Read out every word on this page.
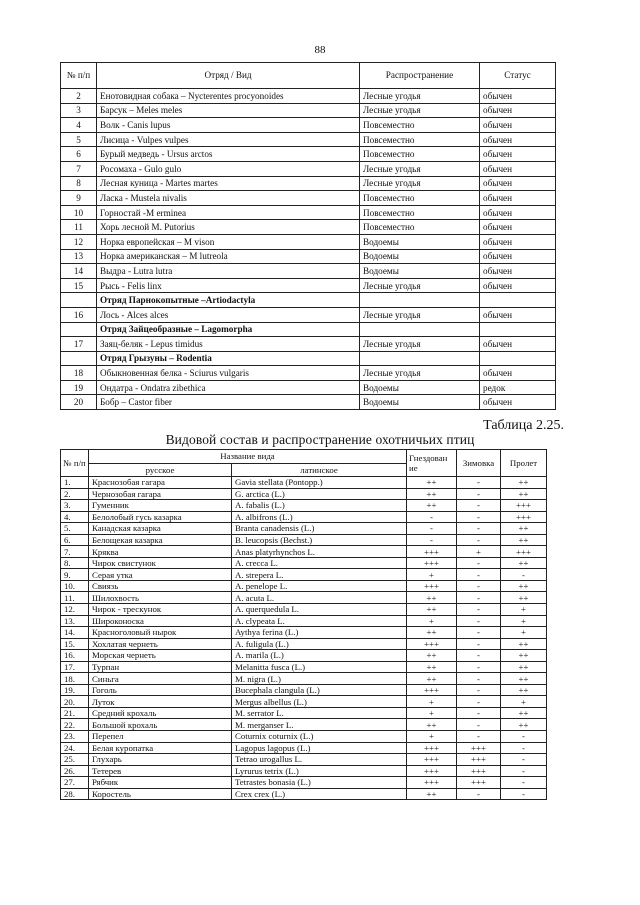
88
№ п/п	Отряд / Вид	Распространение	Статус
2	Енотовидная собака – Nycterentes procyonoides	Лесные угодья	обычен
3	Барсук – Meles meles	Лесные угодья	обычен
4	Волк - Canis lupus	Повсеместно	обычен
5	Лисица - Vulpes vulpes	Повсеместно	обычен
6	Бурый медведь - Ursus arctos	Повсеместно	обычен
7	Росомаха - Gulo gulo	Лесные угодья	обычен
8	Лесная куница - Martes martes	Лесные угодья	обычен
9	Ласка - Mustela nivalis	Повсеместно	обычен
10	Горностай -M erminea	Повсеместно	обычен
11	Хорь лесной M. Putorius	Повсеместно	обычен
12	Норка европейская – M vison	Водоемы	обычен
13	Норка американская – M lutreola	Водоемы	обычен
14	Выдра - Lutra lutra	Водоемы	обычен
15	Рысь - Felis linx	Лесные угодья	обычен
	Отряд Парнокопытные –Artiodactyla		
16	Лось - Alces alces	Лесные угодья	обычен
	Отряд Зайцеобразные – Lagomorpha		
17	Заяц-беляк - Lepus timidus	Лесные угодья	обычен
	Отряд Грызуны – Rodentia		
18	Обыкновенная белка - Sciurus vulgaris	Лесные угодья	обычен
19	Ондатра - Ondatra zibethica	Водоемы	редок
20	Бобр – Castor fiber	Водоемы	обычен
Таблица 2.25.
Видовой состав и распространение охотничьих птиц
№ п/п	Название вида		Гнездован ие	Зимовка	Пролет
	русское	латинское			
1.	Краснозобая гагара	Gavia stellata (Pontopp.)	++	-	++
2.	Чернозобая гагара	G. arctica (L.)	++	-	++
3.	Гуменник	A. fabalis (L.)	++	-	+++
4.	Белолобый гусь казарка	A. albifrons (L.)	-	-	+++
5.	Канадская казарка	Branta canadensis (L.)	-	-	++
6.	Белощекая казарка	B. leucopsis (Bechst.)	-	-	++
7.	Кряква	Anas platyrhynchos L.	+++	+	+++
8.	Чирок свистунок	A. crecca L.	+++	-	++
9.	Серая утка	A. strepera L.	+	-	-
10.	Свиязь	A. penelope L.	+++	-	++
11.	Шилохвость	A. acuta L.	++	-	++
12.	Чирок - трескунок	A. querquedula L.	++	-	+
13.	Широконоска	A. clypeata L.	+	-	+
14.	Красноголовый нырок	Aythya ferina (L.)	++	-	+
15.	Хохлатая чернеть	A. fuligula (L.)	+++	-	++
16.	Морская чернеть	A. marila (L.)	++	-	++
17.	Турпан	Melanitta fusca (L.)	++	-	++
18.	Синьга	M. nigra (L.)	++	-	++
19.	Гоголь	Bucephala clangula (L.)	+++	-	++
20.	Луток	Mergus albellus (L.)	+	-	+
21.	Средний крохаль	M. serrator L.	+	-	++
22.	Большой крохаль	M. merganser L.	++	-	++
23.	Перепел	Coturnix coturnix (L.)	+	-	-
24.	Белая куропатка	Lagopus lagopus (L.)	+++	+++	-
25.	Глухарь	Tetrao urogallus L.	+++	+++	-
26.	Тетерев	Lyrurus tetrix (L.)	+++	+++	-
27.	Рябчик	Tetrastes bonasia (L.)	+++	+++	-
28.	Коростель	Crex crex (L.)	++	-	-
